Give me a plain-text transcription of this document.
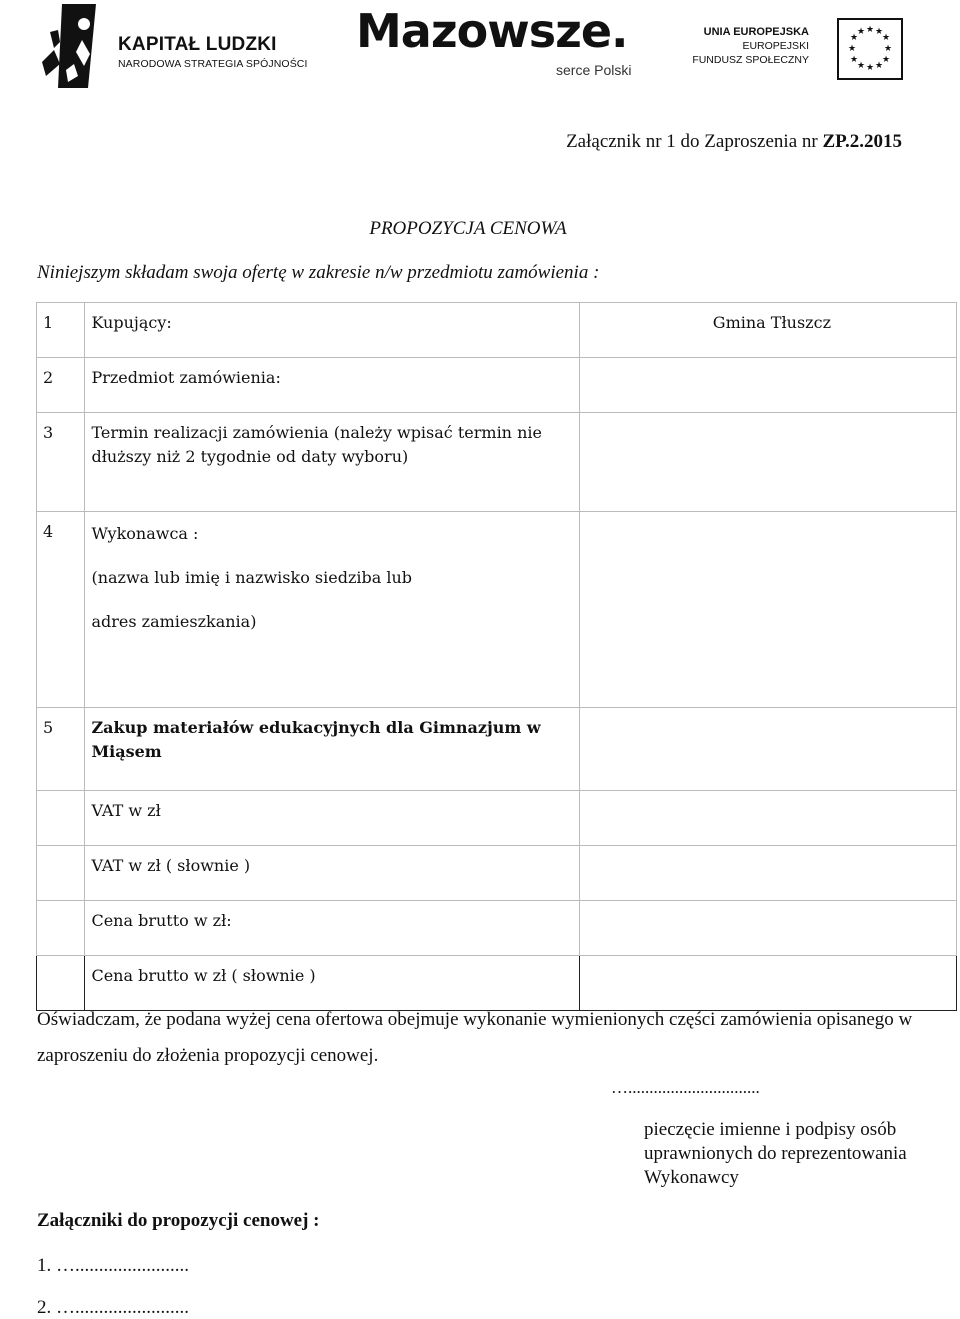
KAPITAŁ LUDZKI
NARODOWA STRATEGIA SPÓJNOŚCI
Mazowsze.
serce Polski
UNIA EUROPEJSKA
EUROPEJSKI
FUNDUSZ SPOŁECZNY
★ ★
★
★
★
★
★
★
★
★
★
★
Załącznik nr 1 do Zaproszenia nr ZP.2.2015
PROPOZYCJA CENOWA
Niniejszym składam swoja ofertę w zakresie n/w przedmiotu zamówienia :
1	Kupujący:	Gmina Tłuszcz

2	Przedmiot zamówienia:	

3	Termin realizacji zamówienia (należy wpisać termin nie dłuższy niż 2 tygodnie od daty wyboru)	

4	Wykonawca :
(nazwa lub imię i nazwisko siedziba lub
adres zamieszkania)	

5	Zakup materiałów edukacyjnych dla Gimnazjum w Miąsem	

	VAT w zł	

	VAT w zł ( słownie )	

	Cena brutto w zł:	

	Cena brutto w zł ( słownie )	

Oświadczam, że podana wyżej cena ofertowa obejmuje wykonanie wymienionych części zamówienia opisanego w zaproszeniu do złożenia propozycji cenowej.
…...............................
pieczęcie imienne i podpisy osób uprawnionych do reprezentowania Wykonawcy
Załączniki do propozycji cenowej :
1. …........................
2. …........................
